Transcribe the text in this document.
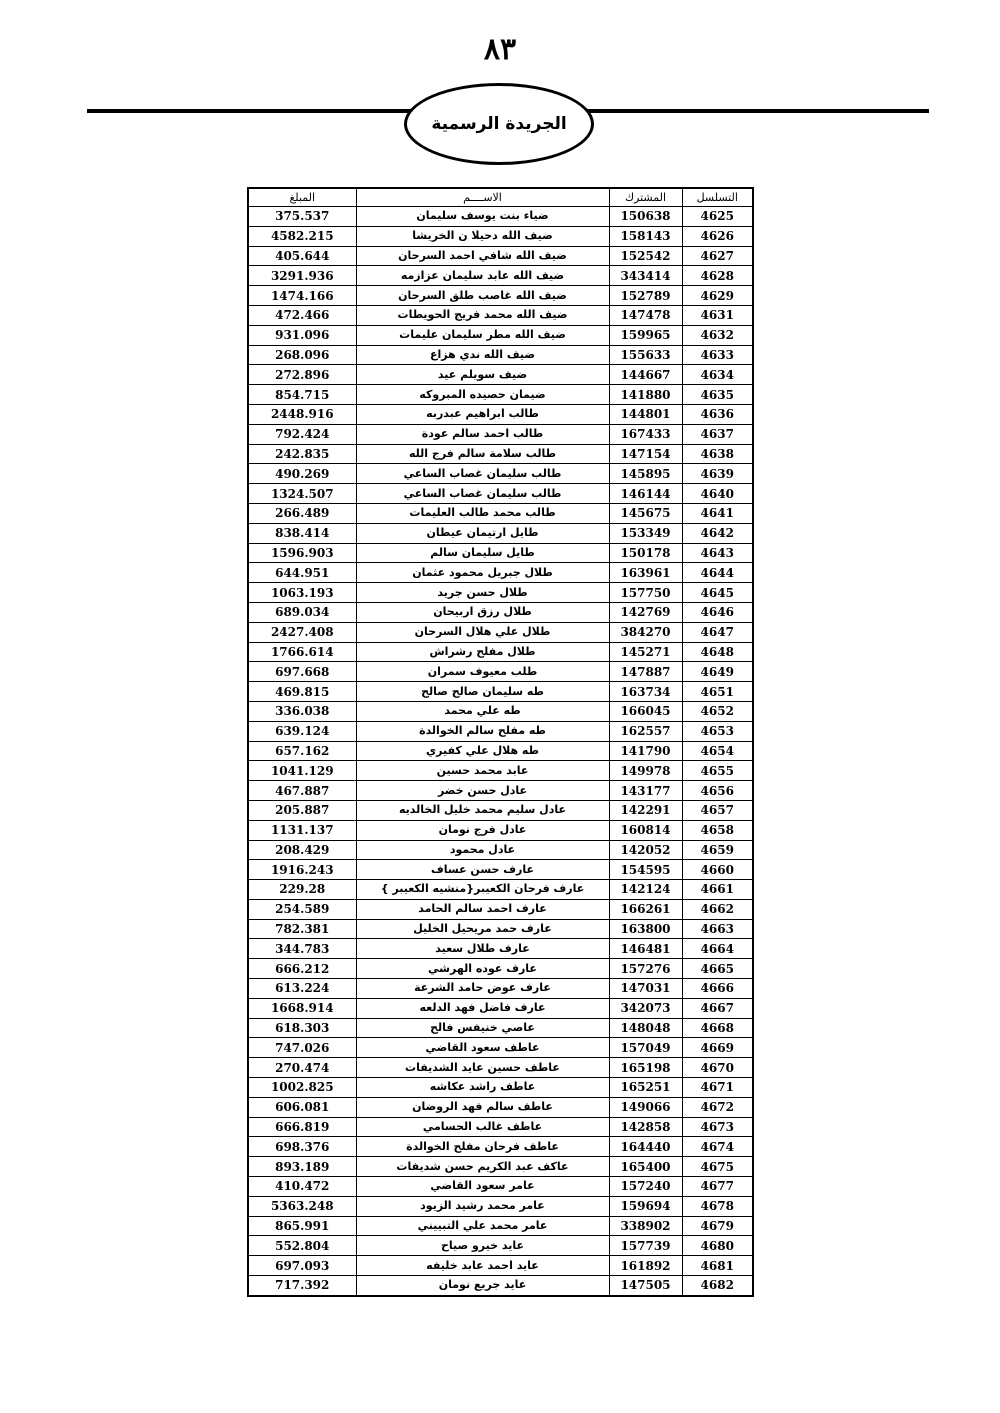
٨٣
الجريدة الرسمية
التسلسل	المشترك	الاســــم	المبلغ
4625	150638	ضياء بنت يوسف سليمان	375.537
4626	158143	ضيف الله دحيلا ن الخريشا	4582.215
4627	152542	ضيف الله شافي احمد السرحان	405.644
4628	343414	ضيف الله عابد سليمان عزازمه	3291.936
4629	152789	ضيف الله غاصب طلق السرحان	1474.166
4631	147478	ضيف الله محمد فريج الحويطات	472.466
4632	159965	ضيف الله مطر سليمان عليمات	931.096
4633	155633	ضيف الله ندي هزاع	268.096
4634	144667	ضيف سويلم عيد	272.896
4635	141880	ضيمان حصيده المبروكه	854.715
4636	144801	طالب ابراهيم عبدربه	2448.916
4637	167433	طالب احمد سالم عودة	792.424
4638	147154	طالب سلامة سالم فرج الله	242.835
4639	145895	طالب سليمان غصاب الساعي	490.269
4640	146144	طالب سليمان غصاب الساعي	1324.507
4641	145675	طالب محمد طالب العليمات	266.489
4642	153349	طايل ارتيمان عيطان	838.414
4643	150178	طايل سليمان سالم	1596.903
4644	163961	طلال جبريل محمود عثمان	644.951
4645	157750	طلال حسن جريد	1063.193
4646	142769	طلال رزق اربيحان	689.034
4647	384270	طلال علي هلال السرحان	2427.408
4648	145271	طلال مفلح رشراش	1766.614
4649	147887	طلب معيوف سمران	697.668
4651	163734	طه سليمان صالح صالح	469.815
4652	166045	طه علي محمد	336.038
4653	162557	طه مفلح سالم الخوالدة	639.124
4654	141790	طه هلال علي كفيري	657.162
4655	149978	عابد محمد حسين	1041.129
4656	143177	عادل حسن خضر	467.887
4657	142291	عادل سليم محمد خليل الخالديه	205.887
4658	160814	عادل فرج نومان	1131.137
4659	142052	عادل محمود	208.429
4660	154595	عارف حسن عساف	1916.243
4661	142124	عارف فرحان الكعيبر{منشيه الكعيبر }	229.28
4662	166261	عارف احمد سالم الحامد	254.589
4663	163800	عارف حمد مريحيل الخليل	782.381
4664	146481	عارف طلال سعيد	344.783
4665	157276	عارف عوده الهرشي	666.212
4666	147031	عارف عوض حامد الشرعة	613.224
4667	342073	عارف فاضل فهد الدلعه	1668.914
4668	148048	عاصي خنيفس فالح	618.303
4669	157049	عاطف سعود القاضي	747.026
4670	165198	عاطف حسين عايد الشديفات	270.474
4671	165251	عاطف راشد عكاشه	1002.825
4672	149066	عاطف سالم فهد الروضان	606.081
4673	142858	عاطف غالب الحسامي	666.819
4674	164440	عاطف فرحان مفلح الخوالدة	698.376
4675	165400	عاكف عبد الكريم حسن شديفات	893.189
4677	157240	عامر سعود القاضي	410.472
4678	159694	عامر محمد رشيد الزيود	5363.248
4679	338902	عامر محمد علي التبييني	865.991
4680	157739	عايد خيرو صياح	552.804
4681	161892	عايد احمد عابد خليفه	697.093
4682	147505	عايد جريع نومان	717.392
